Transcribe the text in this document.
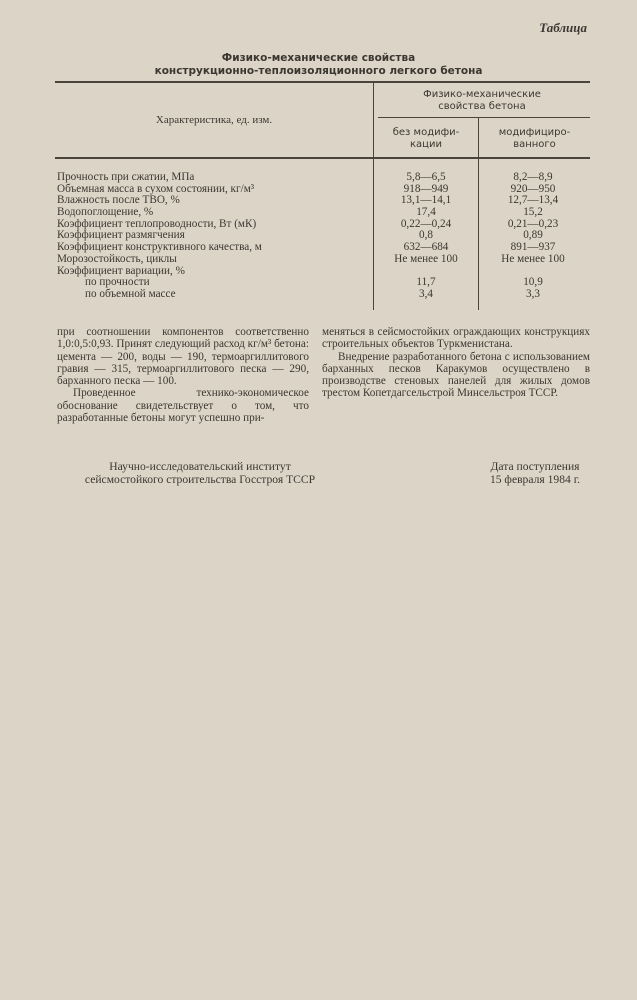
Таблица
Физико-механические свойства
конструкционно-теплоизоляционного легкого бетона
Характеристика, ед. изм.
Физико-механические
свойства бетона
без модифи-
кации
модифициро-
ванного
Прочность при сжатии, МПа	5,8—6,5	8,2—8,9
Объемная масса в сухом состоянии, кг/м³	918—949	920—950
Влажность после ТВО, %	13,1—14,1	12,7—13,4
Водопоглощение, %	17,4	15,2
Коэффициент теплопроводности, Вт (мК)	0,22—0,24	0,21—0,23
Коэффициент размягчения	0,8	0,89
Коэффициент конструктивного качества, м	632—684	891—937
Морозостойкость, циклы	Не менее 100	Не менее 100
Коэффициент вариации, %
по прочности	11,7	10,9
по объемной массе	3,4	3,3

при соотношении компонентов соответственно 1,0:0,5:0,93. Принят следующий расход кг/м³ бетона: цемента — 200, воды — 190, термоаргиллитового гравия — 315, термоаргиллитового песка — 290, барханного песка — 100.

Проведенное технико-экономическое обоснование свидетельствует о том, что разработанные бетоны могут успешно при-

меняться в сейсмостойких ограждающих конструкциях строительных объектов Туркменистана.

Внедрение разработанного бетона с использованием барханных песков Каракумов осуществлено в производстве стеновых панелей для жилых домов трестом Копетдагсельстрой Минсельстроя ТССР.

Научно-исследовательский институт
сейсмостойкого строительства Госстроя ТССР
Дата поступления
15 февраля 1984 г.
